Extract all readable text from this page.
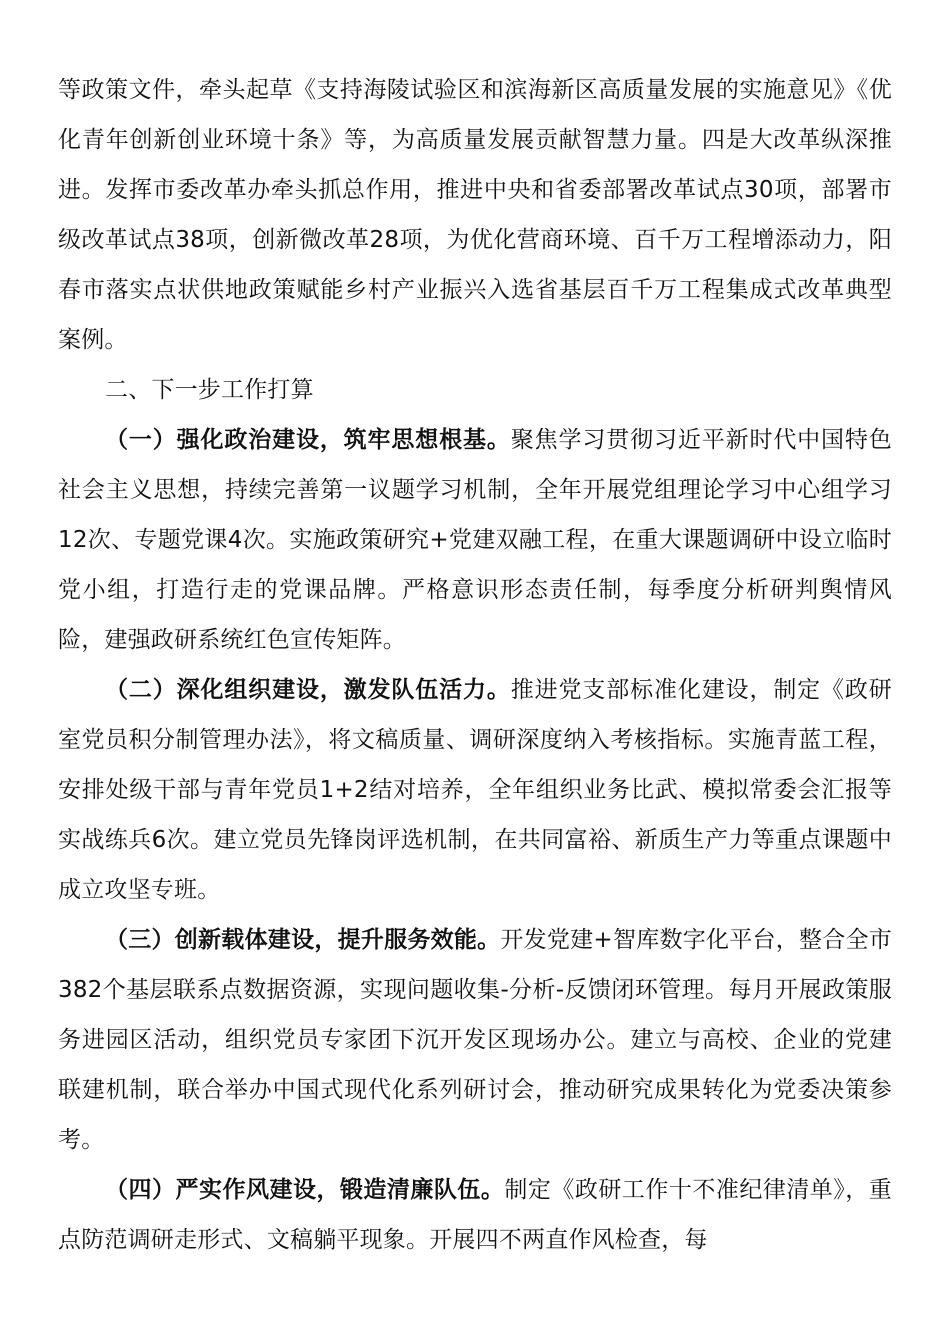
等政策文件，牵头起草《支持海陵试验区和滨海新区高质量发展的实施意见》《优化青年创新创业环境十条》等，为高质量发展贡献智慧力量。四是大改革纵深推进。发挥市委改革办牵头抓总作用，推进中央和省委部署改革试点30项，部署市级改革试点38项，创新微改革28项，为优化营商环境、百千万工程增添动力，阳春市落实点状供地政策赋能乡村产业振兴入选省基层百千万工程集成式改革典型案例。

二、下一步工作打算

（一）强化政治建设，筑牢思想根基。聚焦学习贯彻习近平新时代中国特色社会主义思想，持续完善第一议题学习机制，全年开展党组理论学习中心组学习12次、专题党课4次。实施政策研究+党建双融工程，在重大课题调研中设立临时党小组，打造行走的党课品牌。严格意识形态责任制，每季度分析研判舆情风险，建强政研系统红色宣传矩阵。

（二）深化组织建设，激发队伍活力。推进党支部标准化建设，制定《政研室党员积分制管理办法》，将文稿质量、调研深度纳入考核指标。实施青蓝工程，安排处级干部与青年党员1+2结对培养，全年组织业务比武、模拟常委会汇报等实战练兵6次。建立党员先锋岗评选机制，在共同富裕、新质生产力等重点课题中成立攻坚专班。

（三）创新载体建设，提升服务效能。开发党建+智库数字化平台，整合全市382个基层联系点数据资源，实现问题收集-分析-反馈闭环管理。每月开展政策服务进园区活动，组织党员专家团下沉开发区现场办公。建立与高校、企业的党建联建机制，联合举办中国式现代化系列研讨会，推动研究成果转化为党委决策参考。

（四）严实作风建设，锻造清廉队伍。制定《政研工作十不准纪律清单》，重点防范调研走形式、文稿躺平现象。开展四不两直作风检查，每
